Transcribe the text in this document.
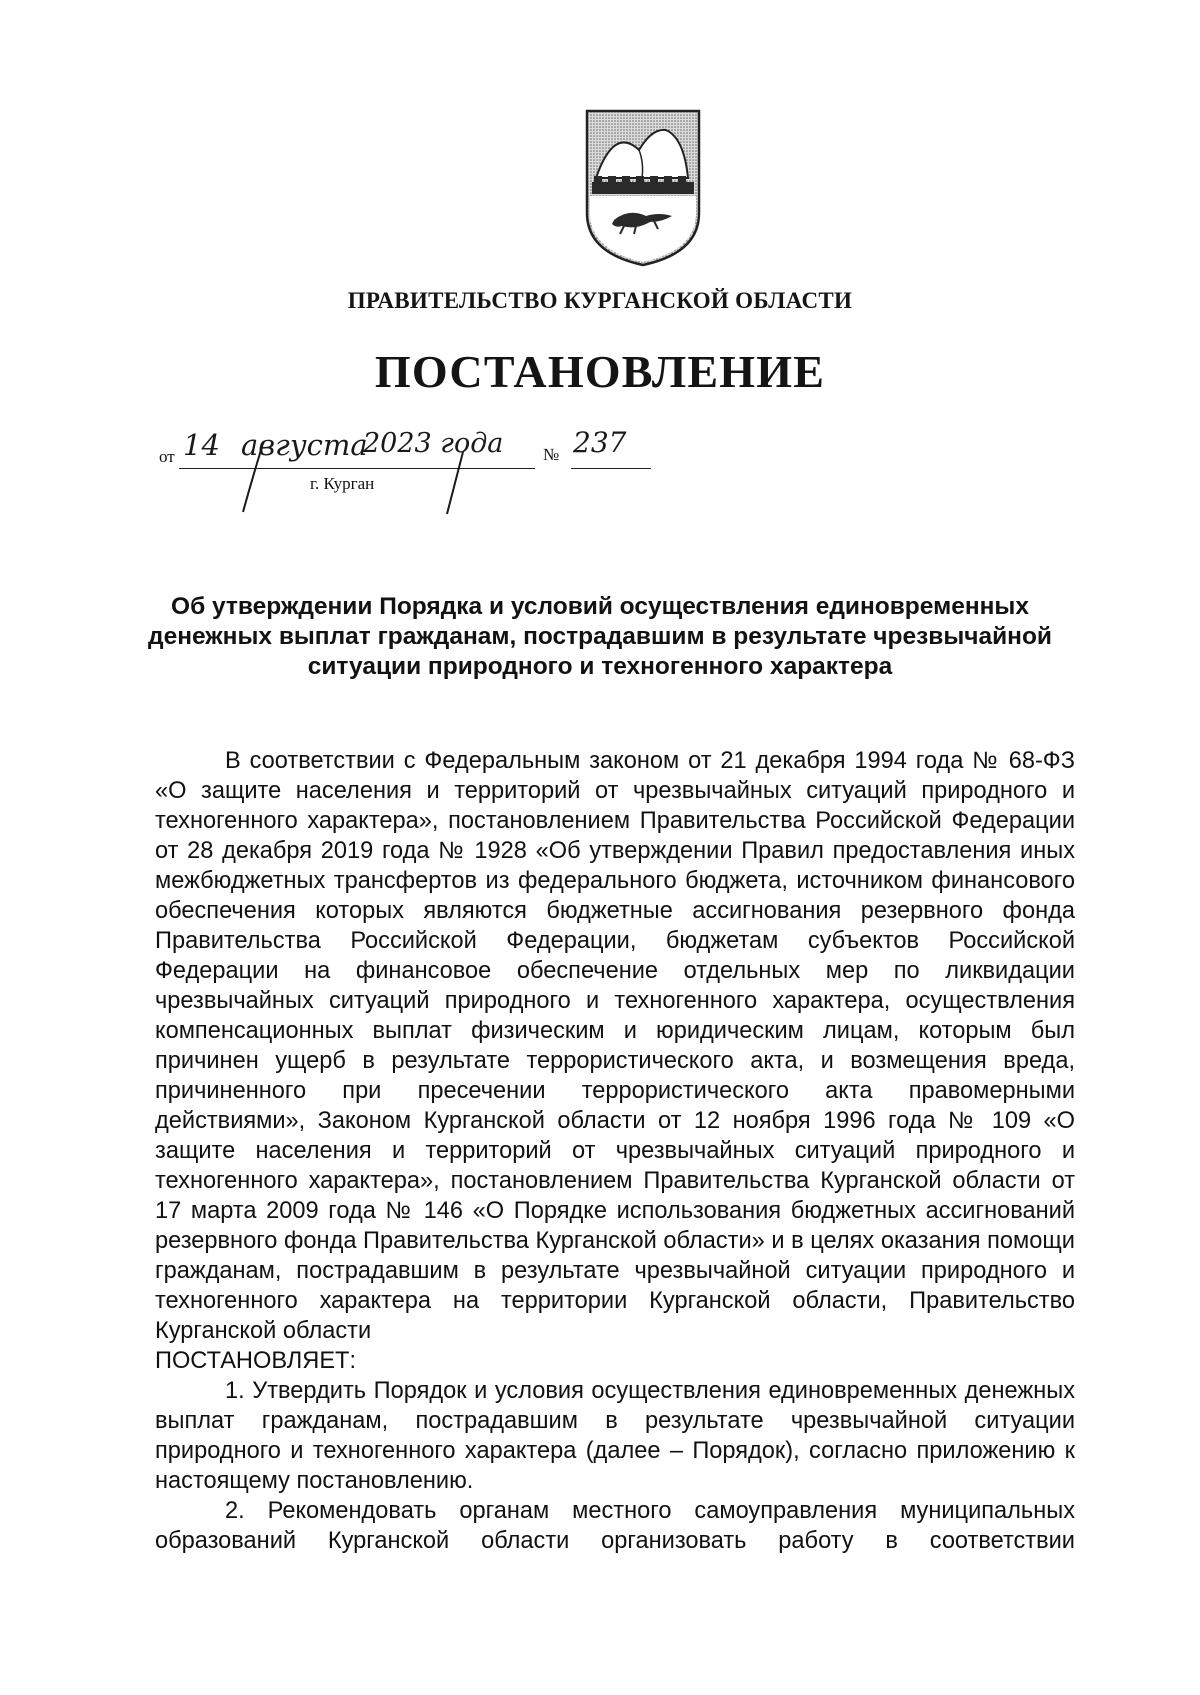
ПРАВИТЕЛЬСТВО КУРГАНСКОЙ ОБЛАСТИ
ПОСТАНОВЛЕНИЕ
от 14 августа
2023 года № 237
г. Курган
Об утверждении Порядка и условий осуществления единовременных
денежных выплат гражданам, пострадавшим в результате чрезвычайной
ситуации природного и техногенного характера

В соответствии с Федеральным законом от 21 декабря 1994 года № 68-ФЗ «О защите населения и территорий от чрезвычайных ситуаций природного и техногенного характера», постановлением Правительства Российской Федерации от 28 декабря 2019 года № 1928 «Об утверждении Правил предоставления иных межбюджетных трансфертов из федерального бюджета, источником финансового обеспечения которых являются бюджетные ассигнования резервного фонда Правительства Российской Федерации, бюджетам субъектов Российской Федерации на финансовое обеспечение отдельных мер по ликвидации чрезвычайных ситуаций природного и техногенного характера, осуществления компенсационных выплат физическим и юридическим лицам, которым был причинен ущерб в результате террористического акта, и возмещения вреда, причиненного при пресечении террористического акта правомерными действиями», Законом Курганской области от 12 ноября 1996 года № 109 «О защите населения и территорий от чрезвычайных ситуаций природного и техногенного характера», постановлением Правительства Курганской области от 17 марта 2009 года № 146 «О Порядке использования бюджетных ассигнований резервного фонда Правительства Курганской области» и в целях оказания помощи гражданам, пострадавшим в результате чрезвычайной ситуации природного и техногенного характера на территории Курганской области, Правительство Курганской области

ПОСТАНОВЛЯЕТ:

1. Утвердить Порядок и условия осуществления единовременных денежных выплат гражданам, пострадавшим в результате чрезвычайной ситуации природного и техногенного характера (далее – Порядок), согласно приложению к настоящему постановлению.

2. Рекомендовать органам местного самоуправления муниципальных образований Курганской области организовать работу в соответствии
